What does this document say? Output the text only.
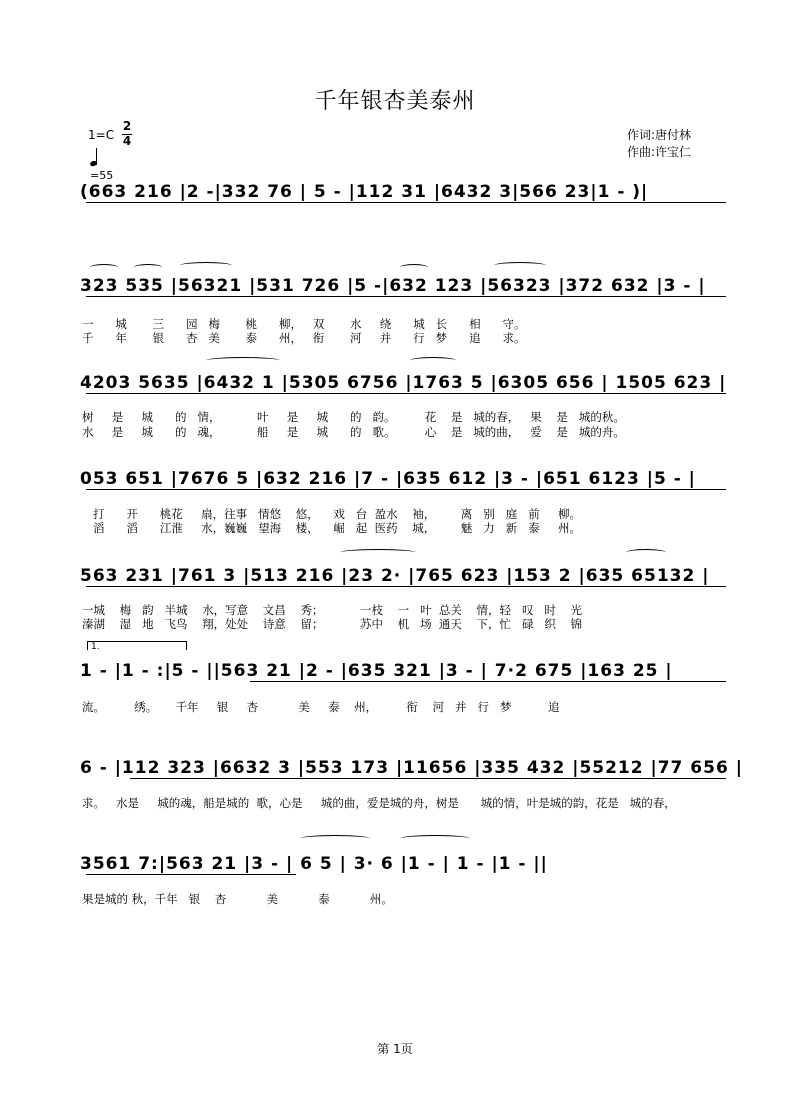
千年银杏美泰州
1=C
2
4
=55
作词:唐付林
作曲:许宝仁
1.
(663 216 |2 -|332 76 | 5 - |112 31 |6432 3|566 23|1 - )|
323 535 |56321 |531 726 |5 -|632 123 |56323 |372 632 |3 - |
一      城       三      园   梅       桃      柳，   双       水     绕      城   长      相      守。
千      年       银      杏   美       泰      州，   衔       河     并      行   梦      追      求。
4203 5635 |6432 1 |5305 6756 |1763 5 |6305 656 | 1505 623 |
树     是     城      的   情，          叶     是     城      的   韵。        花    是   城的春，   果    是   城的秋。
水     是     城      的   魂，          船     是     城      的   歌。        心    是   城的曲，   爱    是   城的舟。
053 651 |7676 5 |632 216 |7 - |635 612 |3 - |651 6123 |5 - |
打      开      桃花     扇，往事   情悠    悠，    戏   台  盈水    袖，       离   别   庭   前     柳。
滔      滔      江淮     水，巍巍   望海    楼，    崛   起  医药    城，       魅   力   新   泰     州。
563 231 |761 3 |513 216 |23 2· |765 623 |153 2 |635 65132 |
一城    梅   韵   半城    水，写意    文昌    秀；          一枝    一   叶  总关    情，轻   叹   时    光
溱湖    湿   地   飞鸟    翔，处处    诗意    留；          苏中    机   场  通天    下，忙   碌   织    锦
1 - |1 - :|5 - ||563 21 |2 - |635 321 |3 - | 7·2 675 |163 25 |
流。        绣。     千年     银     杏           美     泰    州，        衔    河   并   行   梦          追
6 - |112 323 |6632 3 |553 173 |11656 |335 432 |55212 |77 656 |
求。   水是     城的魂，船是城的  歌，心是     城的曲，爱是城的舟，树是      城的情，叶是城的韵，花是   城的春，
3561 7:|563 21 |3 - | 6 5 | 3· 6 |1 - | 1 - |1 - ||
果是城的 秋，千年   银    杏           美           泰           州。
第 1页
